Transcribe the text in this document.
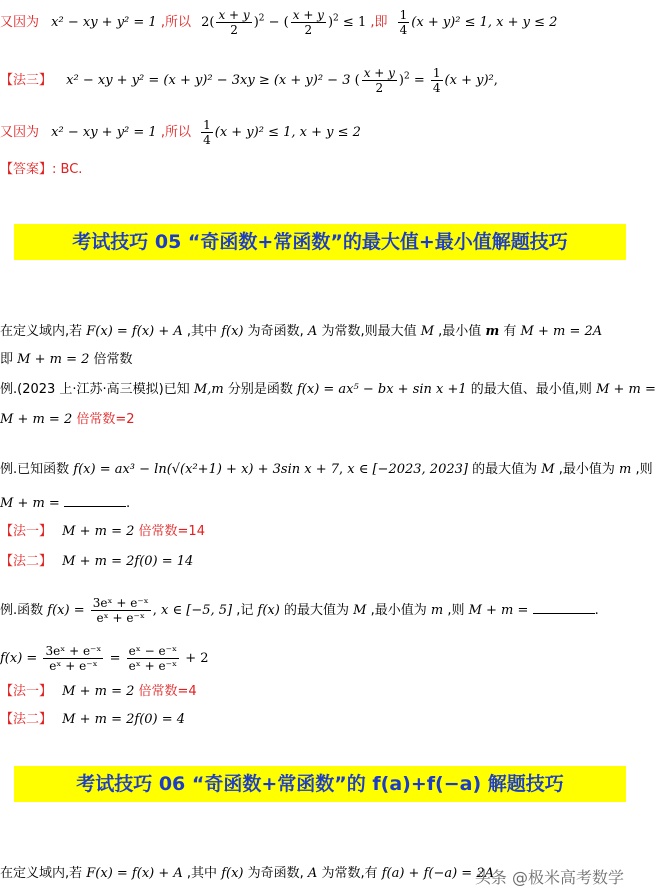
又因为 x² − xy + y² = 1 ,所以 $2( \frac{x + y}{2} )^2$ − ( $\frac{x + y}{2} )^2 \le 1$ ,即 $\frac{1}{4} (x + y)^2 \le 1$, x + y ≤ 2
【法三】 x² − xy + y² = (x + y)² − 3xy ≥ (x + y)² − 3 ( $\frac{x + y}{2} )^2 = \frac{1}{4} (x + y)^2$,
又因为 x² − xy + y² = 1 ,所以 $\frac{1}{4} (x + y)^2 \le 1$, x + y ≤ 2
【答案】: BC.
考试技巧 05 “奇函数+常函数”的最大值+最小值解题技巧
在定义域内,若 F(x) = f(x) + A ,其中 f(x) 为奇函数, A 为常数,则最大值 M ,最小值 m 有 M + m = 2A
即 M + m = 2 倍常数
例.(2023 上·江苏·高三模拟)已知 M,m 分别是函数 f(x) = ax⁵ − bx + sin x +1 的最大值、最小值,则 M + m =
M + m = 2 倍常数=2
例.已知函数 f(x) = ax³ − ln(√(x²+1) + x) + 3sin x + 7, x ∈ [−2023, 2023] 的最大值为 M ,最小值为 m ,则
M + m =	.
【法一】 M + m = 2 倍常数=14
【法二】 M + m = 2f(0) = 14
例.函数 $f(x) = \frac{\text{3eˣ + e⁻ˣ}}{\text{eˣ + e⁻ˣ}}$ , x ∈ [−5, 5] ,记 f(x) 的最大值为 M ,最小值为 m ,则 M + m =	.
$f(x) = \frac{\text{3eˣ + e⁻ˣ}}{\text{eˣ + e⁻ˣ}} = \frac{\text{eˣ − e⁻ˣ}}{\text{eˣ + e⁻ˣ}} + 2$
【法一】 M + m = 2 倍常数=4
【法二】 M + m = 2f(0) = 4
考试技巧 06 “奇函数+常函数”的 f(a)+f(−a) 解题技巧
在定义域内,若 F(x) = f(x) + A ,其中 f(x) 为奇函数, A 为常数,有 f(a) + f(−a) = 2A
头条 @极米高考数学
